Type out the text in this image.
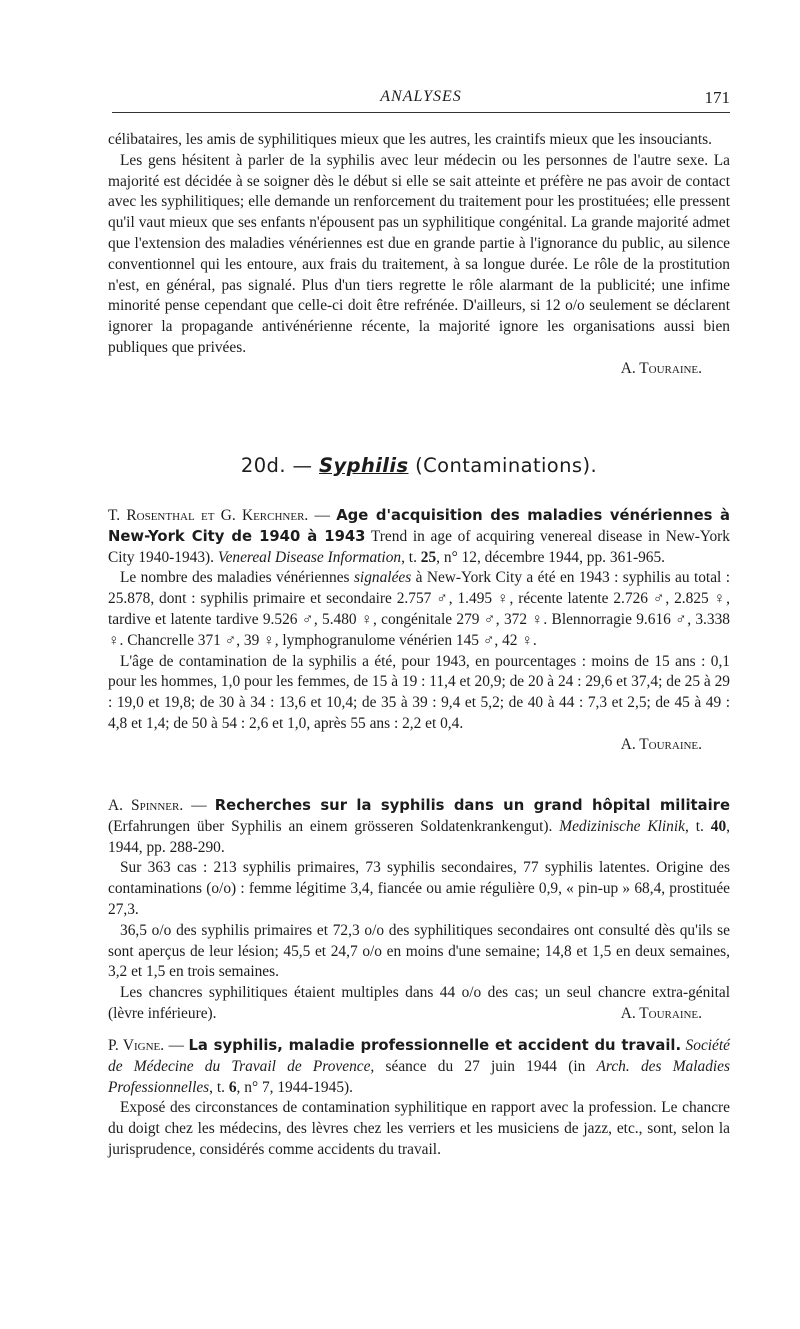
ANALYSES	171

célibataires, les amis de syphilitiques mieux que les autres, les craintifs mieux que les insouciants.

Les gens hésitent à parler de la syphilis avec leur médecin ou les personnes de l'autre sexe. La majorité est décidée à se soigner dès le début si elle se sait atteinte et préfère ne pas avoir de contact avec les syphilitiques; elle demande un renforcement du traitement pour les prostituées; elle pressent qu'il vaut mieux que ses enfants n'épousent pas un syphilitique congénital. La grande majorité admet que l'extension des maladies vénériennes est due en grande partie à l'ignorance du public, au silence conventionnel qui les entoure, aux frais du traitement, à sa longue durée. Le rôle de la prostitution n'est, en général, pas signalé. Plus d'un tiers regrette le rôle alarmant de la publicité; une infime minorité pense cependant que celle-ci doit être refrénée. D'ailleurs, si 12 o/o seulement se déclarent ignorer la propagande antivénérienne récente, la majorité ignore les organisations aussi bien publiques que privées.

A. Touraine.

20d. — Syphilis (Contaminations).

T. Rosenthal et G. Kerchner. — Age d'acquisition des maladies vénériennes à New-York City de 1940 à 1943 Trend in age of acquiring venereal disease in New-York City 1940-1943). Venereal Disease Information, t. 25, n° 12, décembre 1944, pp. 361-965.

Le nombre des maladies vénériennes signalées à New-York City a été en 1943 : syphilis au total : 25.878, dont : syphilis primaire et secondaire 2.757 ♂, 1.495 ♀, récente latente 2.726 ♂, 2.825 ♀, tardive et latente tardive 9.526 ♂, 5.480 ♀, congénitale 279 ♂, 372 ♀. Blennorragie 9.616 ♂, 3.338 ♀. Chancrelle 371 ♂, 39 ♀, lymphogranulome vénérien 145 ♂, 42 ♀.

L'âge de contamination de la syphilis a été, pour 1943, en pourcentages : moins de 15 ans : 0,1 pour les hommes, 1,0 pour les femmes, de 15 à 19 : 11,4 et 20,9; de 20 à 24 : 29,6 et 37,4; de 25 à 29 : 19,0 et 19,8; de 30 à 34 : 13,6 et 10,4; de 35 à 39 : 9,4 et 5,2; de 40 à 44 : 7,3 et 2,5; de 45 à 49 : 4,8 et 1,4; de 50 à 54 : 2,6 et 1,0, après 55 ans : 2,2 et 0,4.

A. Touraine.

A. Spinner. — Recherches sur la syphilis dans un grand hôpital militaire (Erfahrungen über Syphilis an einem grösseren Soldatenkrankengut). Medizinische Klinik, t. 40, 1944, pp. 288-290.

Sur 363 cas : 213 syphilis primaires, 73 syphilis secondaires, 77 syphilis latentes. Origine des contaminations (o/o) : femme légitime 3,4, fiancée ou amie régulière 0,9, « pin-up » 68,4, prostituée 27,3.

36,5 o/o des syphilis primaires et 72,3 o/o des syphilitiques secondaires ont consulté dès qu'ils se sont aperçus de leur lésion; 45,5 et 24,7 o/o en moins d'une semaine; 14,8 et 1,5 en deux semaines, 3,2 et 1,5 en trois semaines.

Les chancres syphilitiques étaient multiples dans 44 o/o des cas; un seul chancre extra-génital (lèvre inférieure).	A. Touraine.

P. Vigne. — La syphilis, maladie professionnelle et accident du travail. Société de Médecine du Travail de Provence, séance du 27 juin 1944 (in Arch. des Maladies Professionnelles, t. 6, n° 7, 1944-1945).

Exposé des circonstances de contamination syphilitique en rapport avec la profession. Le chancre du doigt chez les médecins, des lèvres chez les verriers et les musiciens de jazz, etc., sont, selon la jurisprudence, considérés comme accidents du travail.
